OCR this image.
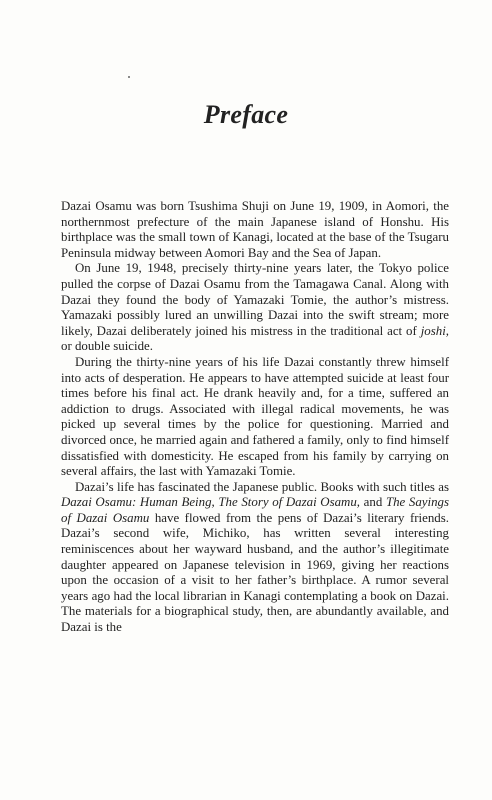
Preface

Dazai Osamu was born Tsushima Shuji on June 19, 1909, in Aomori, the northernmost prefecture of the main Japanese island of Honshu. His birthplace was the small town of Kanagi, located at the base of the Tsugaru Peninsula midway between Aomori Bay and the Sea of Japan.

On June 19, 1948, precisely thirty-nine years later, the Tokyo police pulled the corpse of Dazai Osamu from the Tamagawa Canal. Along with Dazai they found the body of Yamazaki Tomie, the author’s mistress. Yamazaki possibly lured an unwilling Dazai into the swift stream; more likely, Dazai deliberately joined his mistress in the traditional act of joshi, or double suicide.

During the thirty-nine years of his life Dazai constantly threw himself into acts of desperation. He appears to have attempted suicide at least four times before his final act. He drank heavily and, for a time, suffered an addiction to drugs. Associated with illegal radical movements, he was picked up several times by the police for questioning. Married and divorced once, he married again and fathered a family, only to find himself dissatisfied with domesticity. He escaped from his family by carrying on several affairs, the last with Yamazaki Tomie.

Dazai’s life has fascinated the Japanese public. Books with such titles as Dazai Osamu: Human Being, The Story of Dazai Osamu, and The Sayings of Dazai Osamu have flowed from the pens of Dazai’s literary friends. Dazai’s second wife, Michiko, has written several interesting reminiscences about her wayward husband, and the author’s illegitimate daughter appeared on Japanese television in 1969, giving her reactions upon the occasion of a visit to her father’s birthplace. A rumor several years ago had the local librarian in Kanagi contemplating a book on Dazai. The materials for a biographical study, then, are abundantly available, and Dazai is the
